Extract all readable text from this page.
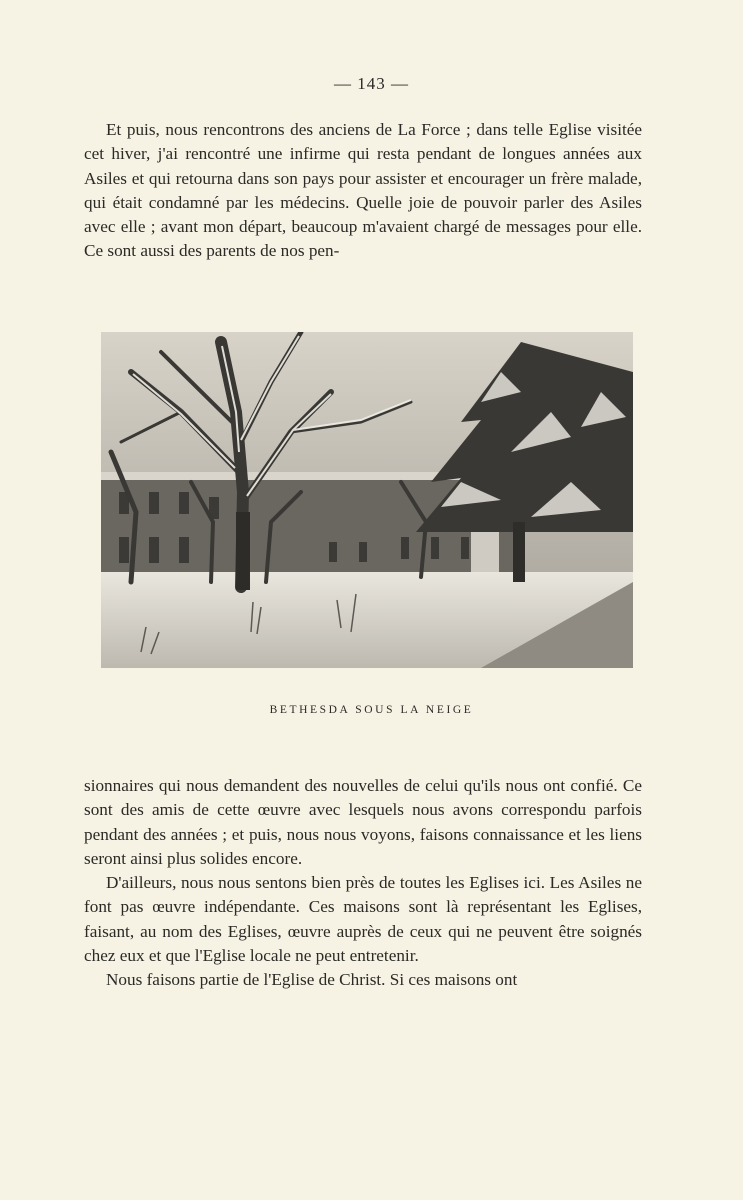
— 143 —

Et puis, nous rencontrons des anciens de La Force ; dans telle Eglise visitée cet hiver, j'ai rencontré une infirme qui resta pendant de longues années aux Asiles et qui retourna dans son pays pour assister et encourager un frère malade, qui était condamné par les médecins. Quelle joie de pouvoir parler des Asiles avec elle ; avant mon départ, beaucoup m'avaient chargé de messages pour elle. Ce sont aussi des parents de nos pen-

BETHESDA SOUS LA NEIGE

sionnaires qui nous demandent des nouvelles de celui qu'ils nous ont confié. Ce sont des amis de cette œuvre avec lesquels nous avons correspondu parfois pendant des années ; et puis, nous nous voyons, faisons connaissance et les liens seront ainsi plus solides encore.

D'ailleurs, nous nous sentons bien près de toutes les Eglises ici. Les Asiles ne font pas œuvre indépendante. Ces maisons sont là représentant les Eglises, faisant, au nom des Eglises, œuvre auprès de ceux qui ne peuvent être soignés chez eux et que l'Eglise locale ne peut entretenir.

Nous faisons partie de l'Eglise de Christ. Si ces maisons ont
